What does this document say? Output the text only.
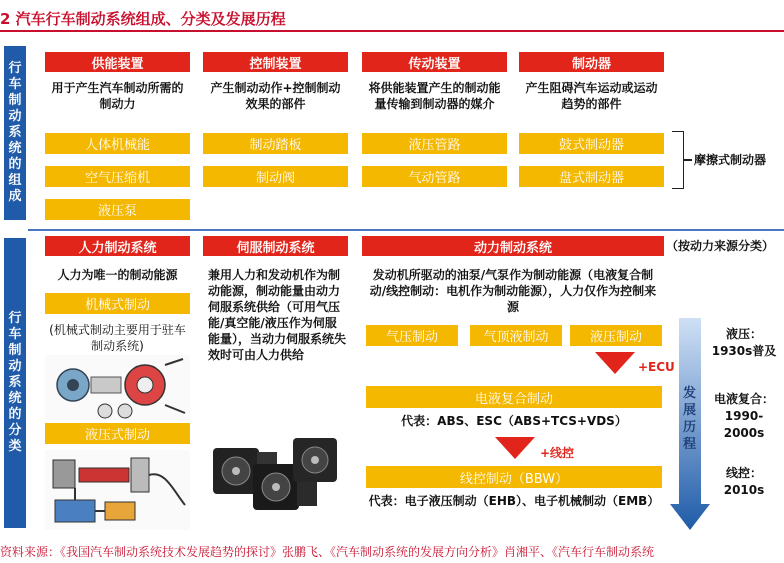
2 汽车行车制动系统组成、分类及发展历程
行车制动系统的组成
行车制动系统的分类
供能装置	控制装置	传动装置	制动器
用于产生汽车制动所需的制动力
产生制动动作+控制制动效果的部件
将供能装置产生的制动能量传输到制动器的媒介
产生阻碍汽车运动或运动趋势的部件
人体机械能
空气压缩机
液压泵
制动踏板
制动阀
液压管路
气动管路
鼓式制动器
盘式制动器
摩擦式制动器
人力制动系统	伺服制动系统	动力制动系统	（按动力来源分类）
人力为唯一的制动能源
机械式制动
(机械式制动主要用于驻车制动系统)
液压式制动
兼用人力和发动机作为制动能源，制动能量由动力伺服系统供给（可用气压能/真空能/液压作为伺服能量），当动力伺服系统失效时可由人力供给
发动机所驱动的油泵/气泵作为制动能源（电液复合制动/线控制动：电机作为制动能源），人力仅作为控制来源
气压制动	气顶液制动	液压制动
+ECU
电液复合制动
代表：ABS、ESC（ABS+TCS+VDS）
+线控
线控制动（BBW）
代表：电子液压制动（EHB）、电子机械制动（EMB）
发展历程
液压：1930s普及
电液复合：1990-2000s
线控：2010s
资料来源：《我国汽车制动系统技术发展趋势的探讨》张鹏飞、《汽车制动系统的发展方向分析》肖湘平、《汽车行车制动系统
